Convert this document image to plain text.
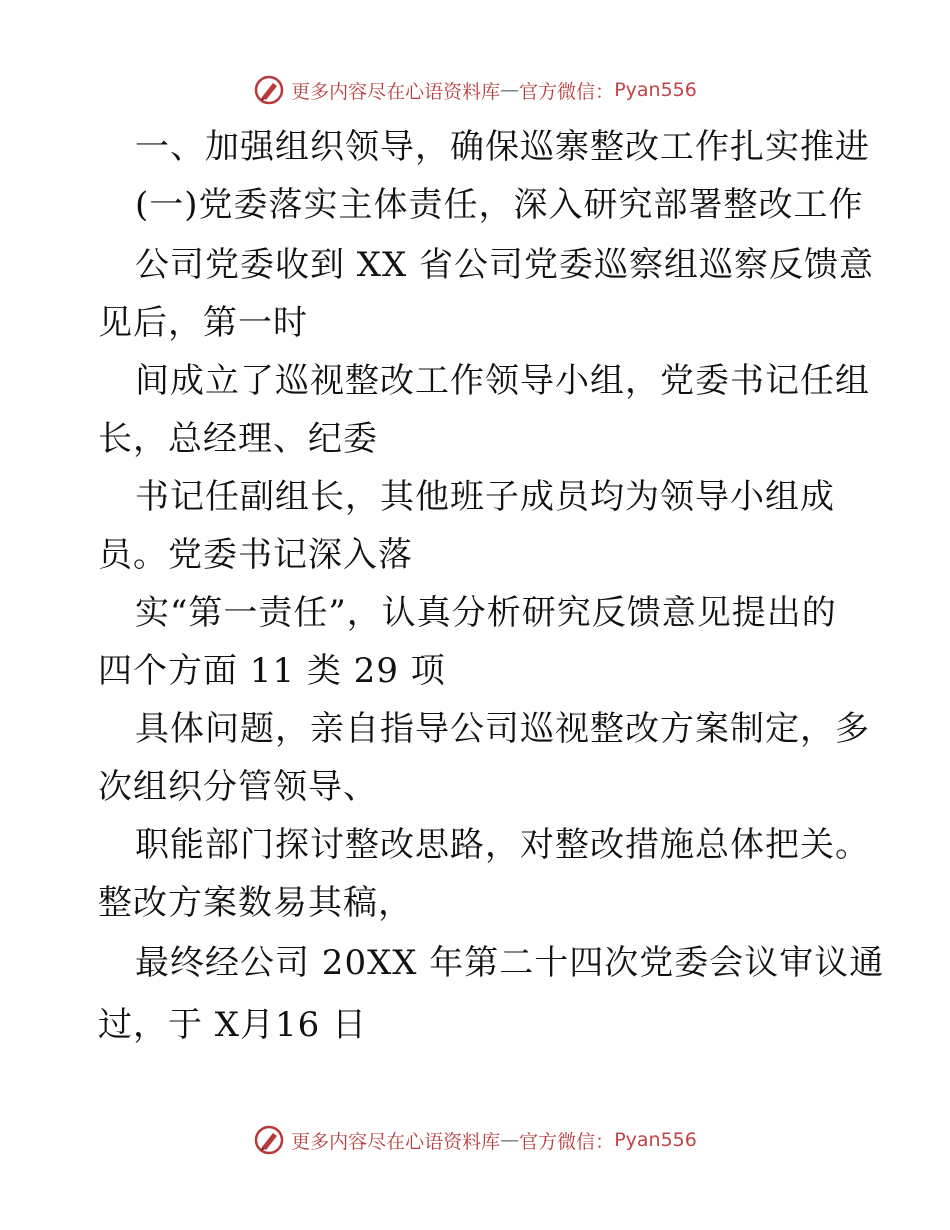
更多内容尽在心语资料库 — 官方微信： Pyan556
一、加强组织领导，确保巡寨整改工作扎实推进
(一)党委落实主体责任，深入研究部署整改工作
公司党委收到 XX 省公司党委巡察组巡察反馈意
见后，第一时
间成立了巡视整改工作领导小组，党委书记任组
长，总经理、纪委
书记任副组长，其他班子成员均为领导小组成
员。党委书记深入落
实“第一责任”，认真分析研究反馈意见提出的
四个方面 11 类 29 项
具体问题，亲自指导公司巡视整改方案制定，多
次组织分管领导、
职能部门探讨整改思路，对整改措施总体把关。
整改方案数易其稿，
最终经公司 20XX 年第二十四次党委会议审议通
过，于 X月16 日
更多内容尽在心语资料库 — 官方微信： Pyan556
